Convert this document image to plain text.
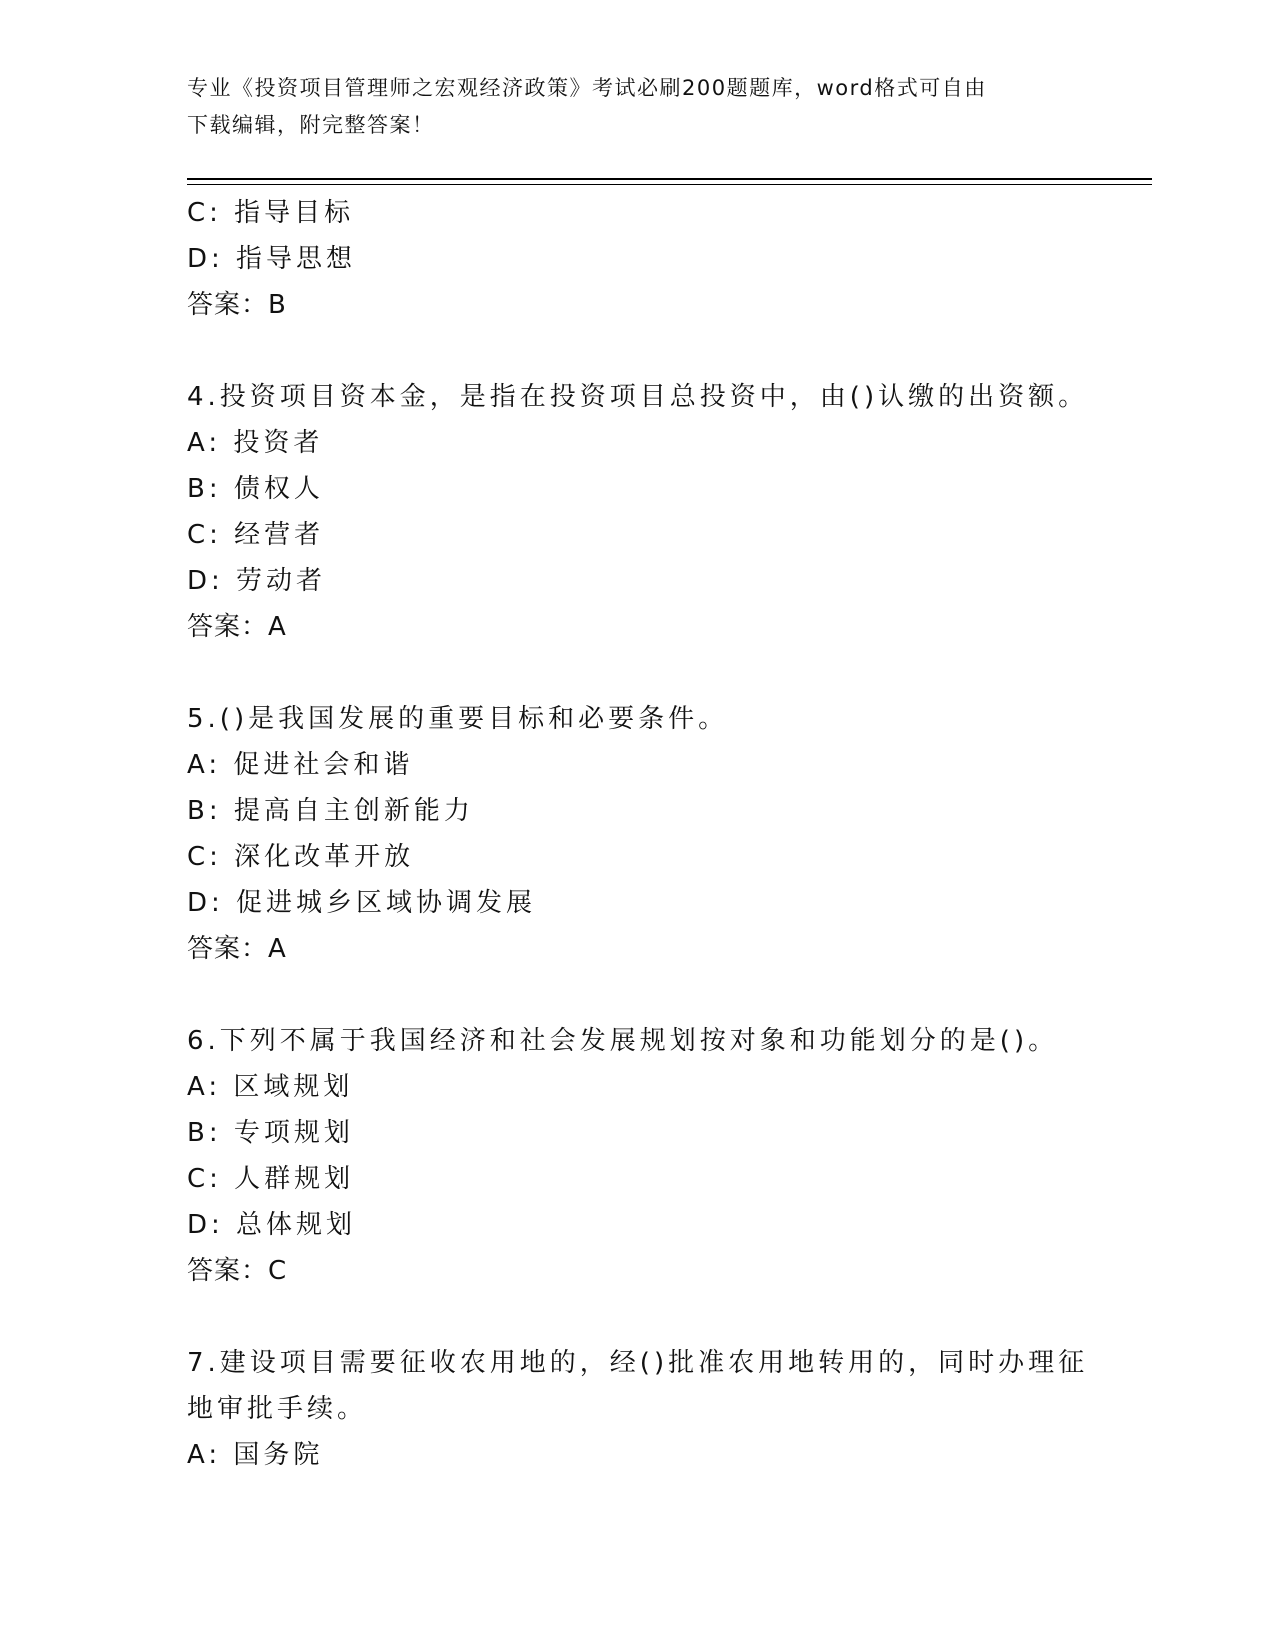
专业《投资项目管理师之宏观经济政策》考试必刷200题题库，word格式可自由
下载编辑，附完整答案！
C: 指导目标
D: 指导思想
答案：B
4.投资项目资本金，是指在投资项目总投资中，由()认缴的出资额。
A: 投资者
B: 债权人
C: 经营者
D: 劳动者
答案：A
5.()是我国发展的重要目标和必要条件。
A: 促进社会和谐
B: 提高自主创新能力
C: 深化改革开放
D: 促进城乡区域协调发展
答案：A
6.下列不属于我国经济和社会发展规划按对象和功能划分的是()。
A: 区域规划
B: 专项规划
C: 人群规划
D: 总体规划
答案：C
7.建设项目需要征收农用地的，经()批准农用地转用的，同时办理征
地审批手续。
A: 国务院
